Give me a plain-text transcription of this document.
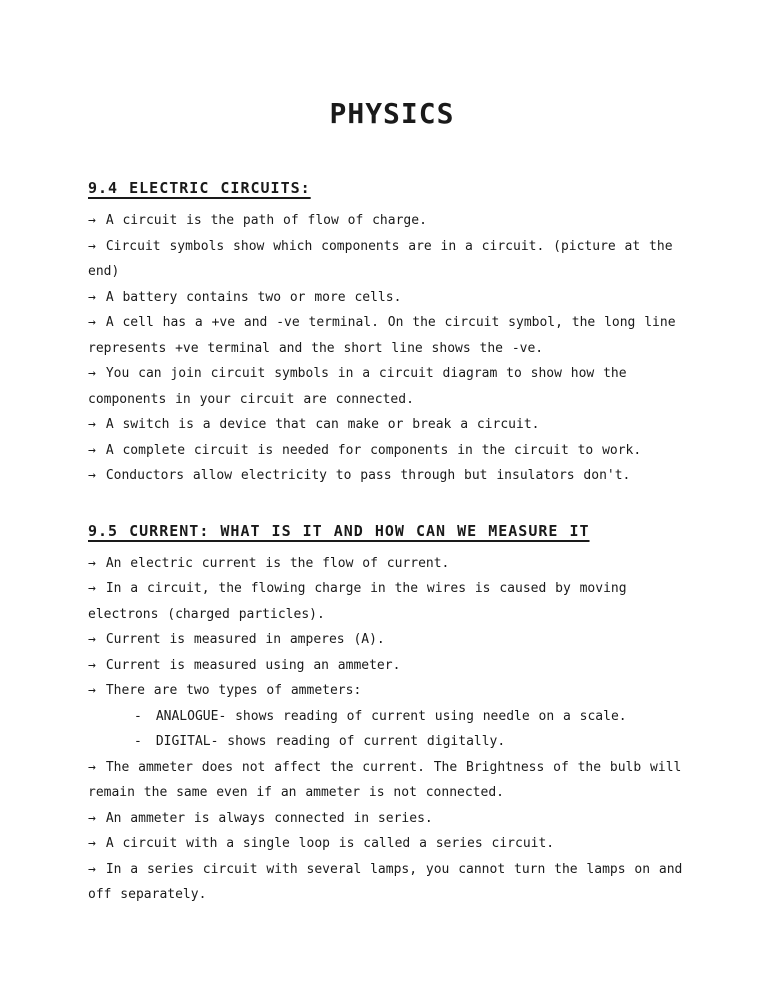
PHYSICS
9.4 ELECTRIC CIRCUITS:

→ A circuit is the path of flow of charge.

→ Circuit symbols show which components are in a circuit. (picture at the end)

→ A battery contains two or more cells.

→ A cell has a +ve and -ve terminal. On the circuit symbol, the long line represents +ve terminal and the short line shows the -ve.

→ You can join circuit symbols in a circuit diagram to show how the components in your circuit are connected.

→ A switch is a device that can make or break a circuit.

→ A complete circuit is needed for components in the circuit to work.

→ Conductors allow electricity to pass through but insulators don't.

9.5 CURRENT: WHAT IS IT AND HOW CAN WE MEASURE IT

→ An electric current is the flow of current.

→ In a circuit, the flowing charge in the wires is caused by moving electrons (charged particles).

→ Current is measured in amperes (A).

→ Current is measured using an ammeter.

→ There are two types of ammeters:

- ANALOGUE- shows reading of current using needle on a scale.

- DIGITAL- shows reading of current digitally.

→ The ammeter does not affect the current. The Brightness of the bulb will remain the same even if an ammeter is not connected.

→ An ammeter is always connected in series.

→ A circuit with a single loop is called a series circuit.

→ In a series circuit with several lamps, you cannot turn the lamps on and off separately.
